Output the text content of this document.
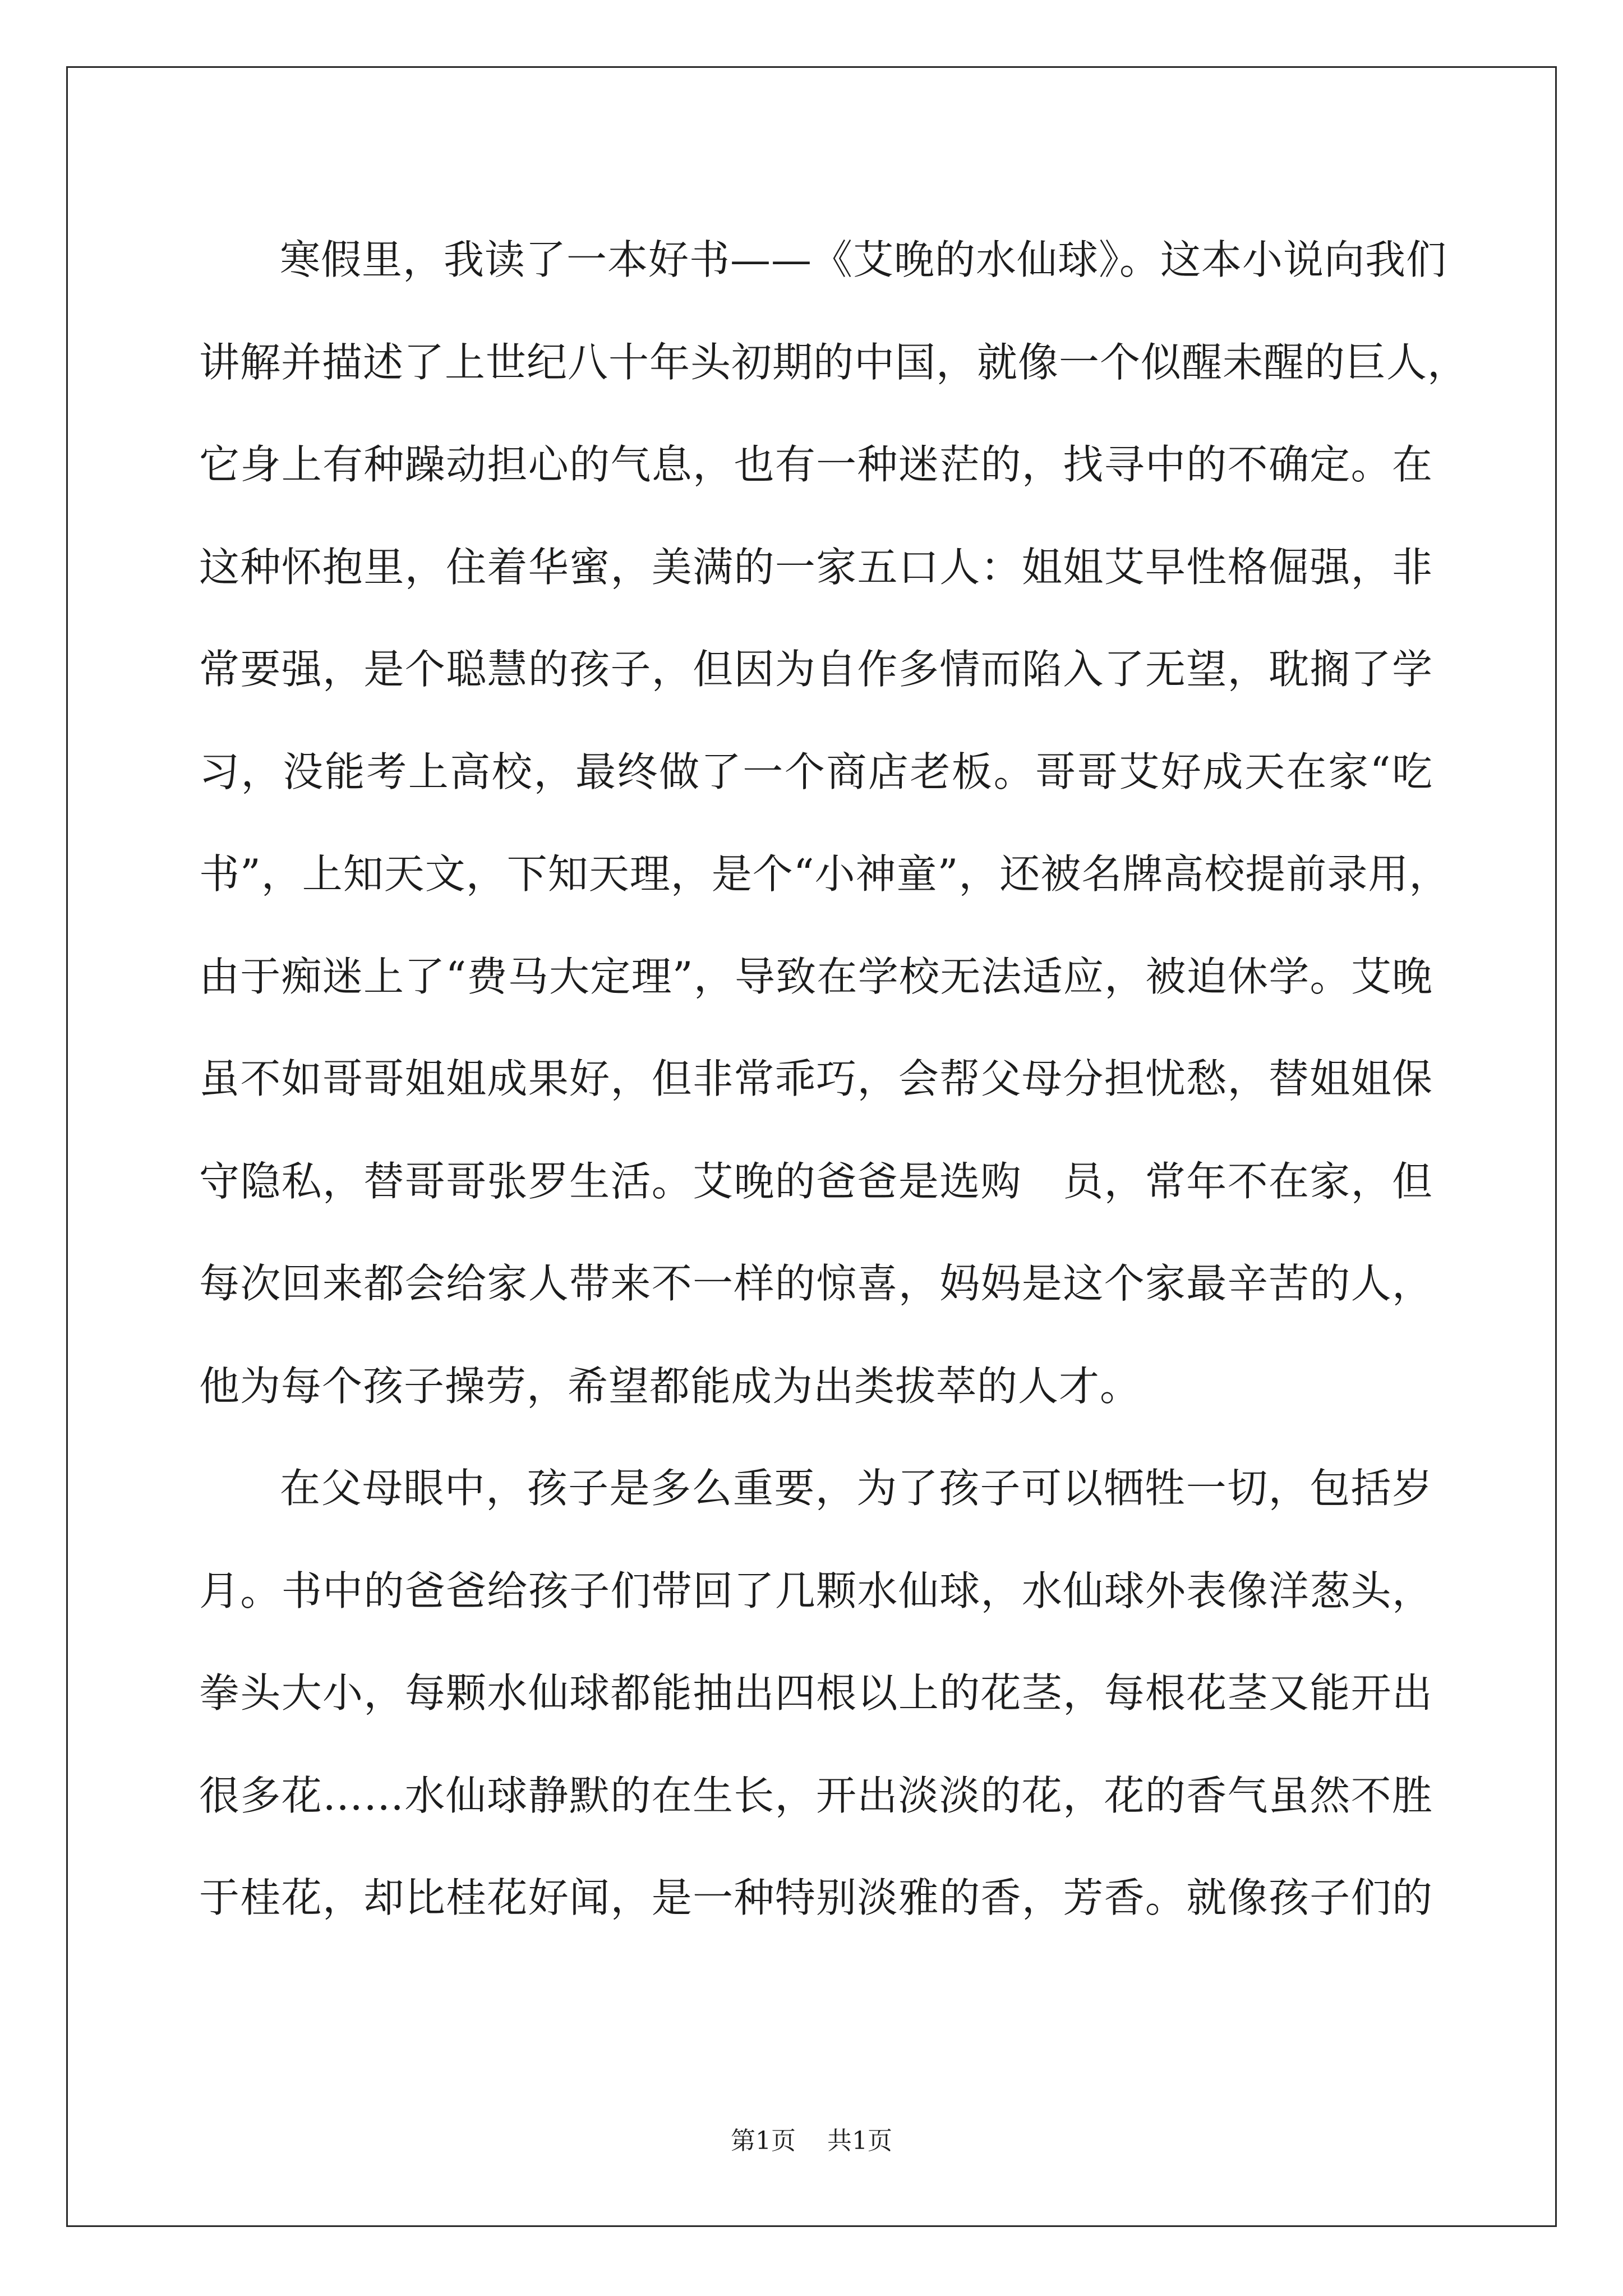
寒假里，我读了一本好书——《艾晚的水仙球》。这本小说向我们
讲解并描述了上世纪八十年头初期的中国，就像一个似醒未醒的巨人，
它身上有种躁动担心的气息，也有一种迷茫的，找寻中的不确定。在
这种怀抱里，住着华蜜，美满的一家五口人：姐姐艾早性格倔强，非
常要强，是个聪慧的孩子，但因为自作多情而陷入了无望，耽搁了学
习，没能考上高校，最终做了一个商店老板。哥哥艾好成天在家“吃
书”，上知天文，下知天理，是个“小神童”，还被名牌高校提前录用，
由于痴迷上了“费马大定理”，导致在学校无法适应，被迫休学。艾晚
虽不如哥哥姐姐成果好，但非常乖巧，会帮父母分担忧愁，替姐姐保
守隐私，替哥哥张罗生活。艾晚的爸爸是选购　员，常年不在家，但
每次回来都会给家人带来不一样的惊喜，妈妈是这个家最辛苦的人，
他为每个孩子操劳，希望都能成为出类拔萃的人才。
在父母眼中，孩子是多么重要，为了孩子可以牺牲一切，包括岁
月。书中的爸爸给孩子们带回了几颗水仙球，水仙球外表像洋葱头，
拳头大小，每颗水仙球都能抽出四根以上的花茎，每根花茎又能开出
很多花……水仙球静默的在生长，开出淡淡的花，花的香气虽然不胜
于桂花，却比桂花好闻，是一种特别淡雅的香，芳香。就像孩子们的
第1页 共1页
